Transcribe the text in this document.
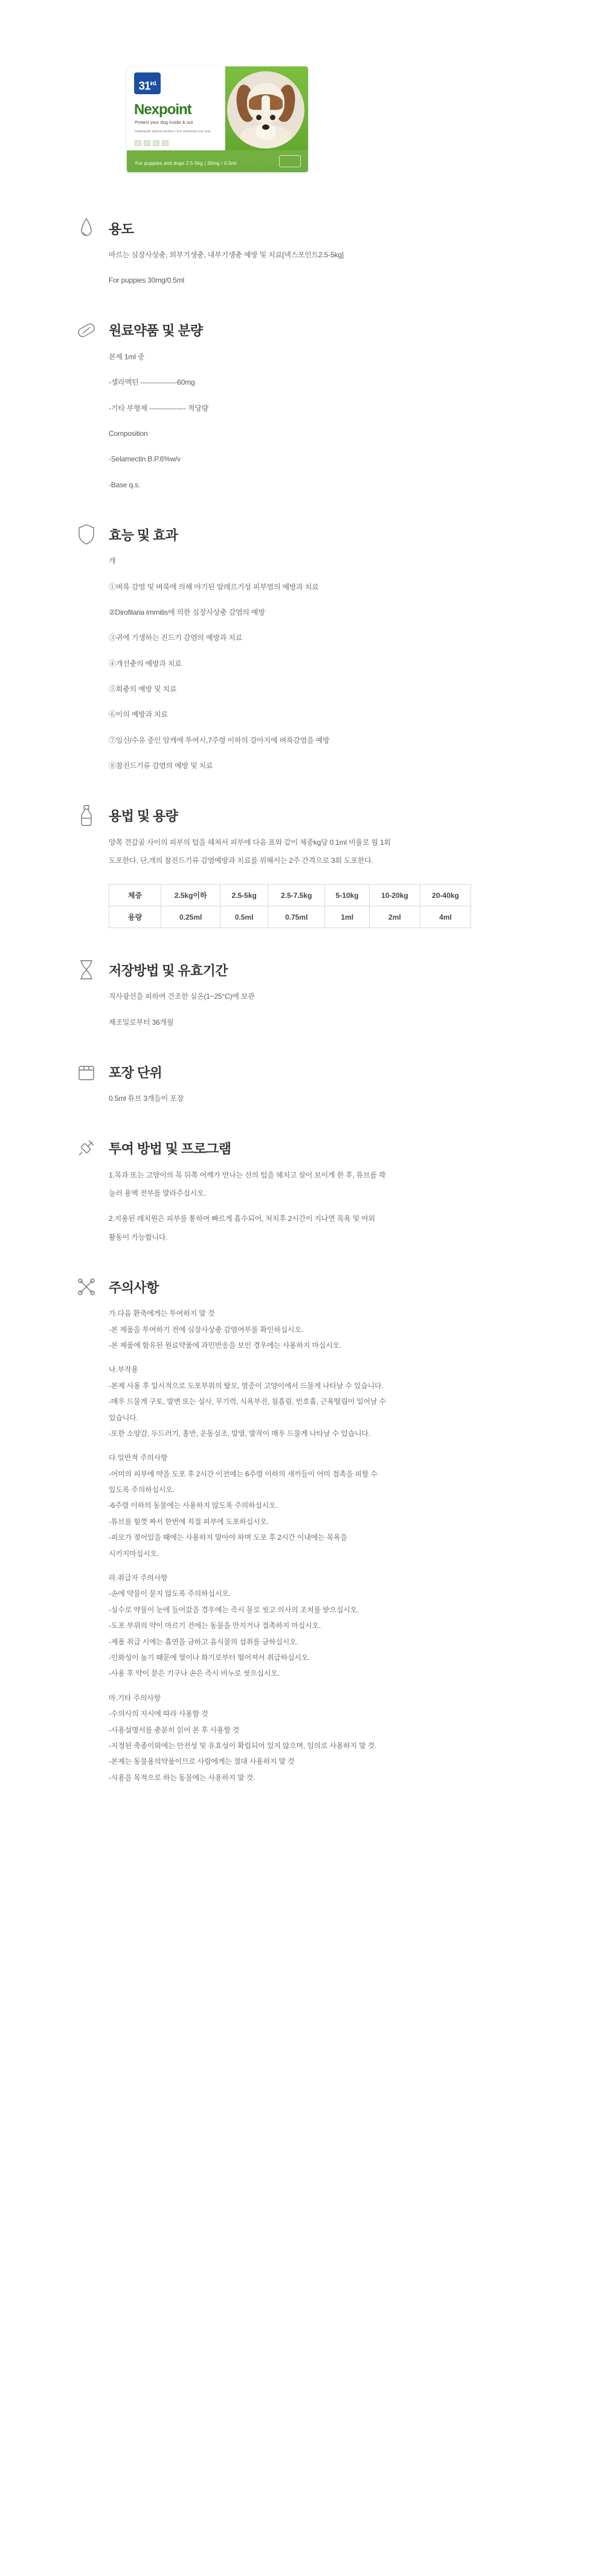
$31^{in1}$
Nexpoint
Protect your dog inside & out
Selamectin topical solution / For veterinary use only
For puppies and dogs 2.5-5kg | 30mg / 0.5ml
용도

바르는 심장사상충, 외부기생충, 내부기생충 예방 및 치료[넥스포인트2.5-5kg]

For puppies 30mg/0.5ml

원료약품 및 분량

본제 1ml 중

-셀라멕틴 ----------------60mg

-기타 부형제 ---------------- 적당량

Composition

-Selamectin B.P.6%w/v

-Base q.s.

효능 및 효과

개

①벼룩 감염 및 벼룩에 의해 야기된 알레르기성 피부염의 예방과 치료

②Dirofilaria immitis에 의한 심장사상충 감염의 예방

③귀에 기생하는 진드기 감염의 예방과 치료

④개선충의 예방과 치료

⑤회충의 예방 및 치료

⑥이의 예방과 치료

⑦임신/수유 중인 암캐에 투여시,7주령 이하의 강아지에 벼룩감염을 예방

⑧참진드기류 감염의 예방 및 치료

용법 및 용량

양쪽 견갑골 사이의 피부의 털을 헤쳐서 피부에 다음 표와 같이 체중kg당 0.1ml 비율로 월 1회

도포한다. 단,개의 참진드기류 감염예방과 치료를 위해서는 2주 간격으로 3회 도포한다.

체중	2.5kg이하	2.5-5kg	2.5-7.5kg	5-10kg	10-20kg	20-40kg
용량	0.25ml	0.5ml	0.75ml	1ml	2ml	4ml
저장방법 및 유효기간

직사광선을 피하여 건조한 실온(1~25°C)에 보관

제조일로부터 36개월

포장 단위

0.5ml 튜브 3개들이 포장

투여 방법 및 프로그램

1.목과 또는 고양이의 목 뒤쪽 어깨가 만나는 선의 털을 헤치고 살이 보이게 한 후, 튜브를 꽉

눌러 용액 전부를 발라주십시오.

2.지용된 레치원은 피부를 통하여 빠르게 흡수되어, 처치후 2시간이 지나면 목욕 및 야외

활동이 가능합니다.

주의사항

가.다음 환축에게는 투여하지 말 것

-본 제품을 투여하기 전에 심장사상충 감염여부를 확인하십시오.

-본 제품에 함유된 원료약품에 과민반응을 보인 경우에는 사용하지 마십시오.

나.부작용

-본제 사용 후 일시적으로 도포부위의 탈모, 염증이 고양이에서 드물게 나타날 수 있습니다.

-매우 드물게 구토, 발변 또는 설사, 무기력, 식욕부진, 침흘림, 빈호흡, 근육떨림이 일어날 수

있습니다.

-또한 소양감, 두드러기, 홍반, 운동실조, 발열, 발작이 매우 드물게 나타날 수 있습니다.

다.일반적 주의사항

-어미의 피부에 약을 도포 후 2시간 이전에는 6주령 이하의 새끼들이 어미 접촉을 피할 수

있도록 주의하십시오.

-6주령 이하의 동물에는 사용하지 않도록 주의하십시오.

-튜브를 힘껏 짜서 한번에 직접 피부에 도포하십시오.

-피모가 젖어있을 때에는 사용하지 말아야 하며 도포 후 2시간 이내에는 목욕을

시키지마십시오.

라.취급자 주의사항

-손에 약물이 묻지 않도록 주의하십시오.

-실수로 약물이 눈에 들어갔을 경우에는 즉시 물로 씻고 의사의 조치를 받으십시오.

-도포 부위의 약이 마르기 전에는 동물을 만지거나 접촉하지 마십시오.

-제품 취급 시에는 흡연을 금하고 음식물의 섭취를 금하십시오.

-인화성이 높기 때문에 열이나 화기로부터 떨어져서 취급하십시오.

-사용 후 약이 묻은 기구나 손은 즉시 비누로 씻으십시오.

마.기타 주의사항

-수의사의 지시에 따라 사용할 것

-사용설명서를 충분히 읽어 본 후 사용할 것

-지정된 축종이외에는 안전성 및 유효성이 확립되어 있지 않으며, 임의로 사용하지 말 것.

-본제는 동물용의약품이므로 사람에게는 절대 사용하지 말 것

-식용을 목적으로 하는 동물에는 사용하지 말 것.
